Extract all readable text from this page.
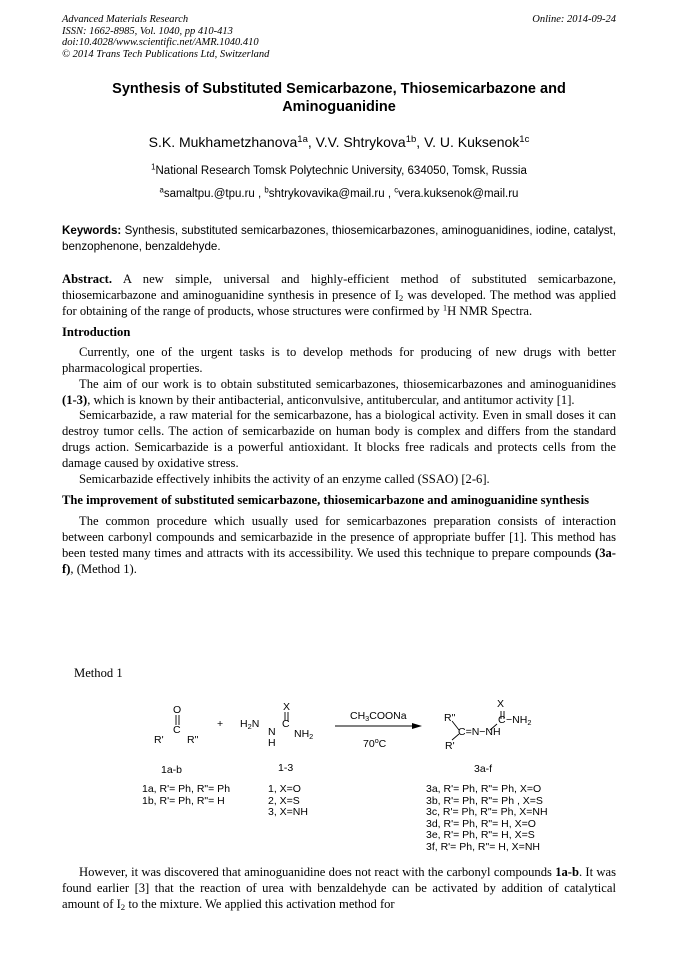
Advanced Materials Research
ISSN: 1662-8985, Vol. 1040, pp 410-413
doi:10.4028/www.scientific.net/AMR.1040.410
© 2014 Trans Tech Publications Ltd, Switzerland
Online: 2014-09-24
Synthesis of Substituted Semicarbazone, Thiosemicarbazone and
Aminoguanidine
S.K. Mukhametzhanova$^{1a}$, V.V. Shtrykova$^{1b}$, V. U. Kuksenok$^{1c}$
$^1$National Research Tomsk Polytechnic University, 634050, Tomsk, Russia
$^a$samaltpu.@tpu.ru , $^b$shtrykovavika@mail.ru , $^c$vera.kuksenok@mail.ru
Keywords: Synthesis, substituted semicarbazones, thiosemicarbazones, aminoguanidines, iodine, catalyst, benzophenone, benzaldehyde.

Abstract. A new simple, universal and highly-efficient method of substituted semicarbazone, thiosemicarbazone and aminoguanidine synthesis in presence of $I_2$ was developed. The method was applied for obtaining of the range of products, whose structures were confirmed by $^1$H NMR Spectra.

Introduction

Currently, one of the urgent tasks is to develop methods for producing of new drugs with better pharmacological properties.

The aim of our work is to obtain substituted semicarbazones, thiosemicarbazones and aminoguanidines (1-3), which is known by their antibacterial, anticonvulsive, antitubercular, and antitumor activity [1].

Semicarbazide, a raw material for the semicarbazone, has a biological activity. Even in small doses it can destroy tumor cells. The action of semicarbazide on human body is complex and differs from the standard drugs action. Semicarbazide is a powerful antioxidant. It blocks free radicals and protects cells from the damage caused by oxidative stress.

Semicarbazide effectively inhibits the activity of an enzyme called (SSAO) [2-6].

The improvement of substituted semicarbazone, thiosemicarbazone and aminoguanidine synthesis

The common procedure which usually used for semicarbazones preparation consists of interaction between carbonyl compounds and semicarbazide in the presence of appropriate buffer [1]. This method has been tested many times and attracts with its accessibility. We used this technique to prepare compounds (3a-f), (Method 1).

Method 1
O
C
R' R"
1a-b
+
X
$H_2N$ C
N
H
$NH_2$
1-3
$CH_3COONa$
70$^o$C
X
R"	$C -NH_2$
C=N−NH
R'
3a-f
1a, R'= Ph, R"= Ph
1b, R'= Ph, R"= H
1, X=O
2, X=S
3, X=NH
3a, R'= Ph, R"= Ph, X=O
3b, R'= Ph, R"= Ph , X=S
3c, R'= Ph, R"= Ph, X=NH
3d, R'= Ph, R"= H, X=O
3e, R'= Ph, R"= H, X=S
3f, R'= Ph, R"= H, X=NH

However, it was discovered that aminoguanidine does not react with the carbonyl compounds 1a-b. It was found earlier [3] that the reaction of urea with benzaldehyde can be activated by addition of catalytical amount of $I_2$ to the mixture. We applied this activation method for
